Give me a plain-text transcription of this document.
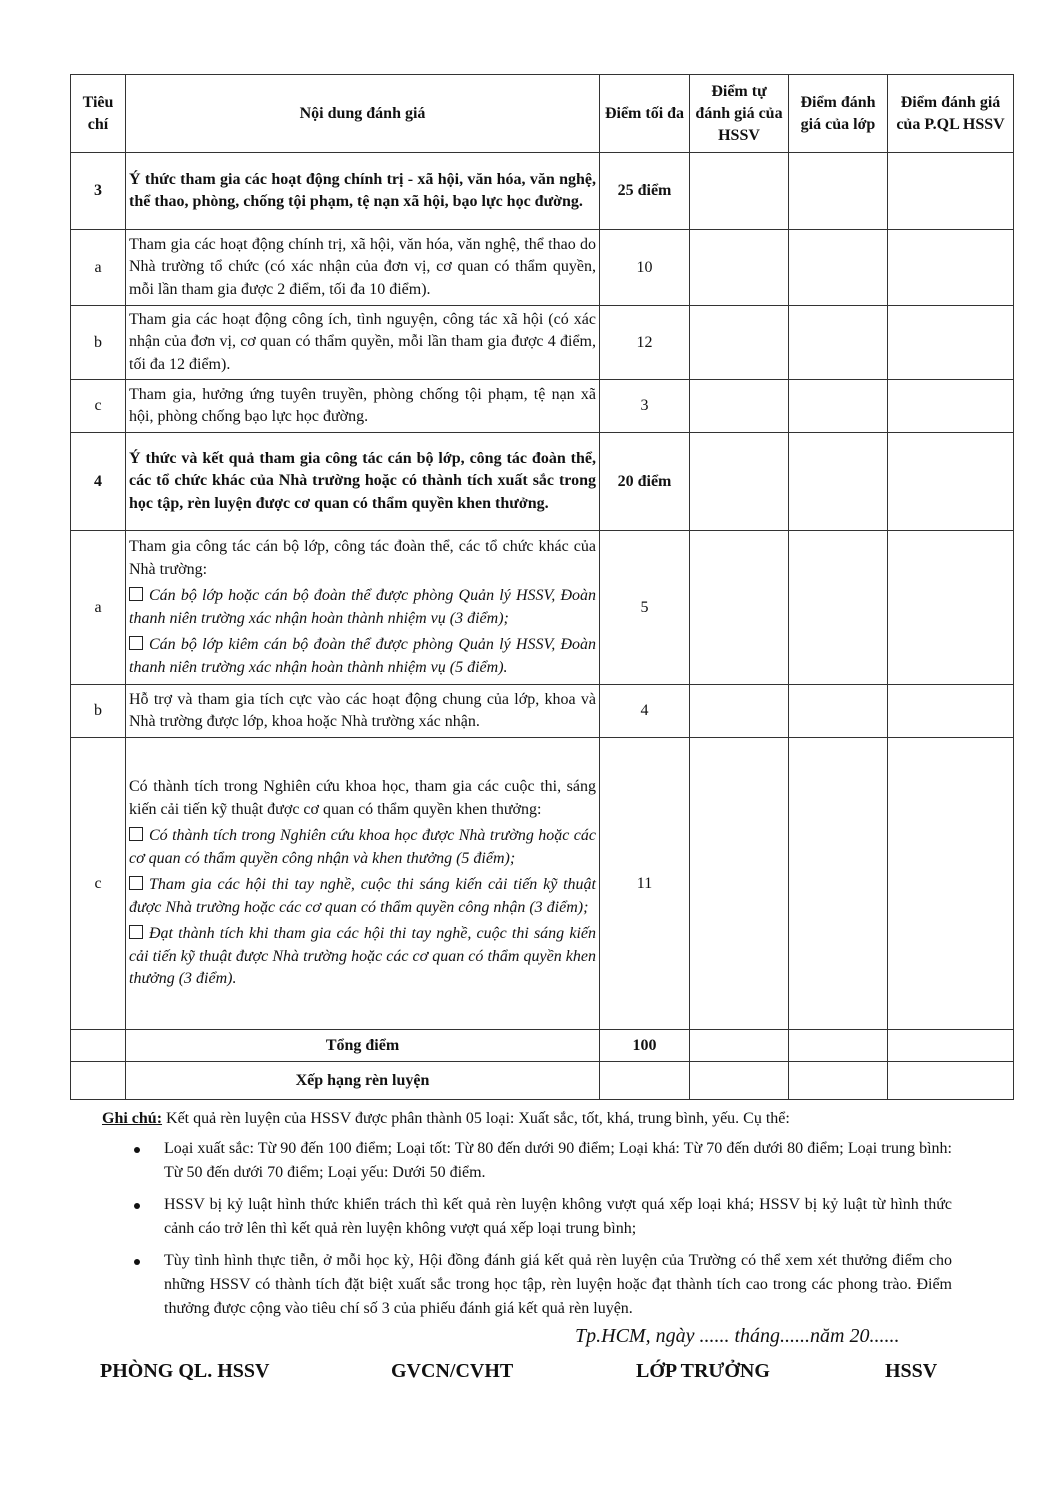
Tiêu chí	Nội dung đánh giá	Điểm tối đa	Điểm tự đánh giá của HSSV	Điểm đánh giá của lớp	Điểm đánh giá của P.QL HSSV
3	Ý thức tham gia các hoạt động chính trị - xã hội, văn hóa, văn nghệ, thể thao, phòng, chống tội phạm, tệ nạn xã hội, bạo lực học đường.	25 điểm			
a	Tham gia các hoạt động chính trị, xã hội, văn hóa, văn nghệ, thể thao do Nhà trường tổ chức (có xác nhận của đơn vị, cơ quan có thẩm quyền, mỗi lần tham gia được 2 điểm, tối đa 10 điểm).	10			
b	Tham gia các hoạt động công ích, tình nguyện, công tác xã hội (có xác nhận của đơn vị, cơ quan có thẩm quyền, mỗi lần tham gia được 4 điểm, tối đa 12 điểm).	12			
c	Tham gia, hưởng ứng tuyên truyền, phòng chống tội phạm, tệ nạn xã hội, phòng chống bạo lực học đường.	3			
4	Ý thức và kết quả tham gia công tác cán bộ lớp, công tác đoàn thể, các tổ chức khác của Nhà trường hoặc có thành tích xuất sắc trong học tập, rèn luyện được cơ quan có thẩm quyền khen thưởng.	20 điểm			
a	Tham gia công tác cán bộ lớp, công tác đoàn thể, các tổ chức khác của Nhà trường:
Cán bộ lớp hoặc cán bộ đoàn thể được phòng Quản lý HSSV, Đoàn thanh niên trường xác nhận hoàn thành nhiệm vụ (3 điểm);
Cán bộ lớp kiêm cán bộ đoàn thể được phòng Quản lý HSSV, Đoàn thanh niên trường xác nhận hoàn thành nhiệm vụ (5 điểm).	5			
b	Hỗ trợ và tham gia tích cực vào các hoạt động chung của lớp, khoa và Nhà trường được lớp, khoa hoặc Nhà trường xác nhận.	4			
c	Có thành tích trong Nghiên cứu khoa học, tham gia các cuộc thi, sáng kiến cải tiến kỹ thuật được cơ quan có thẩm quyền khen thưởng:
Có thành tích trong Nghiên cứu khoa học được Nhà trường hoặc các cơ quan có thẩm quyền công nhận và khen thưởng (5 điểm);
Tham gia các hội thi tay nghề, cuộc thi sáng kiến cải tiến kỹ thuật được Nhà trường hoặc các cơ quan có thẩm quyền công nhận (3 điểm);
Đạt thành tích khi tham gia các hội thi tay nghề, cuộc thi sáng kiến cải tiến kỹ thuật được Nhà trường hoặc các cơ quan có thẩm quyền khen thưởng (3 điểm).	11			
	Tổng điểm	100			
	Xếp hạng rèn luyện				

Ghi chú: Kết quả rèn luyện của HSSV được phân thành 05 loại: Xuất sắc, tốt, khá, trung bình, yếu. Cụ thể:

Loại xuất sắc: Từ 90 đến 100 điểm; Loại tốt: Từ 80 đến dưới 90 điểm; Loại khá: Từ 70 đến dưới 80 điểm; Loại trung bình: Từ 50 đến dưới 70 điểm; Loại yếu: Dưới 50 điểm.
HSSV bị kỷ luật hình thức khiển trách thì kết quả rèn luyện không vượt quá xếp loại khá; HSSV bị kỷ luật từ hình thức cảnh cáo trở lên thì kết quả rèn luyện không vượt quá xếp loại trung bình;
Tùy tình hình thực tiễn, ở mỗi học kỳ, Hội đồng đánh giá kết quả rèn luyện của Trường có thể xem xét thưởng điểm cho những HSSV có thành tích đặt biệt xuất sắc trong học tập, rèn luyện hoặc đạt thành tích cao trong các phong trào. Điểm thưởng được cộng vào tiêu chí số 3 của phiếu đánh giá kết quả rèn luyện.
Tp.HCM, ngày ...... tháng......năm 20......
PHÒNG QL. HSSV	GVCN/CVHT	LỚP TRƯỞNG	HSSV
